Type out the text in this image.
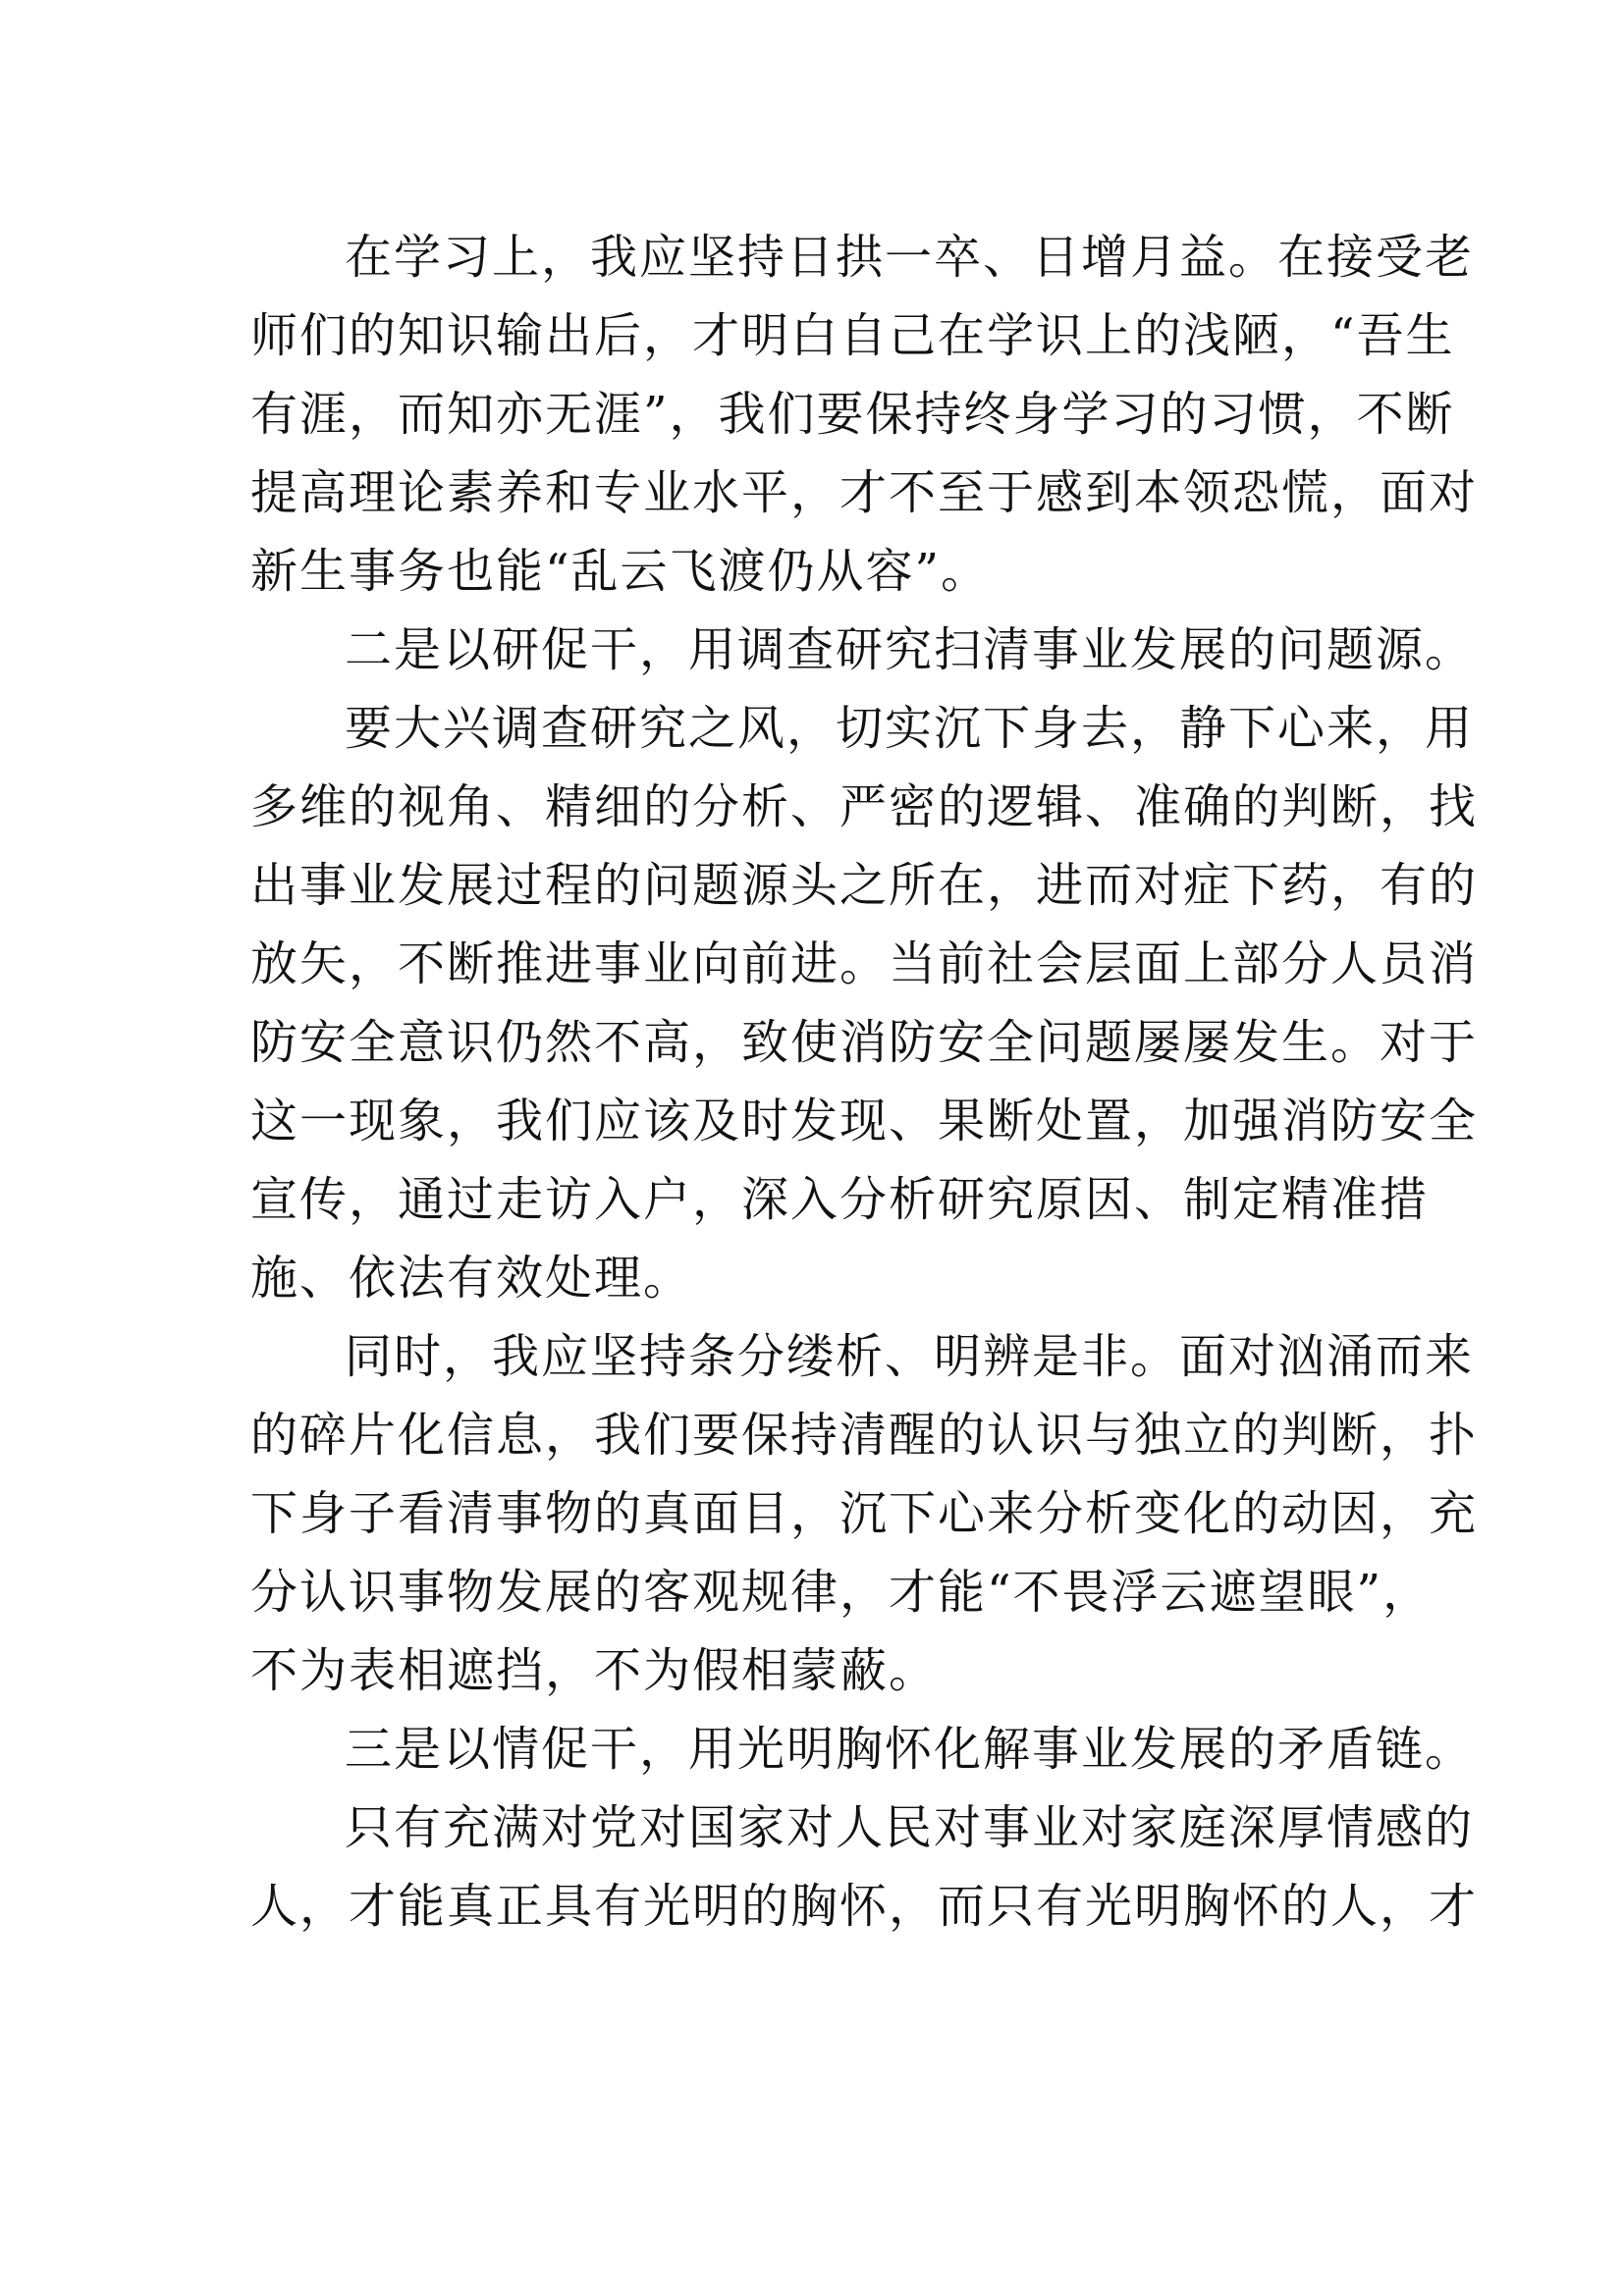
在学习上，我应坚持日拱一卒、日增月益。在接受老
师们的知识输出后，才明白自己在学识上的浅陋，“吾生
有涯，而知亦无涯”，我们要保持终身学习的习惯，不断
提高理论素养和专业水平，才不至于感到本领恐慌，面对
新生事务也能“乱云飞渡仍从容”。
二是以研促干，用调查研究扫清事业发展的问题源。
要大兴调查研究之风，切实沉下身去，静下心来，用
多维的视角、精细的分析、严密的逻辑、准确的判断，找
出事业发展过程的问题源头之所在，进而对症下药，有的
放矢，不断推进事业向前进。当前社会层面上部分人员消
防安全意识仍然不高，致使消防安全问题屡屡发生。对于
这一现象，我们应该及时发现、果断处置，加强消防安全
宣传，通过走访入户，深入分析研究原因、制定精准措
施、依法有效处理。
同时，我应坚持条分缕析、明辨是非。面对汹涌而来
的碎片化信息，我们要保持清醒的认识与独立的判断，扑
下身子看清事物的真面目，沉下心来分析变化的动因，充
分认识事物发展的客观规律，才能“不畏浮云遮望眼”，
不为表相遮挡，不为假相蒙蔽。
三是以情促干，用光明胸怀化解事业发展的矛盾链。
只有充满对党对国家对人民对事业对家庭深厚情感的
人，才能真正具有光明的胸怀，而只有光明胸怀的人，才
